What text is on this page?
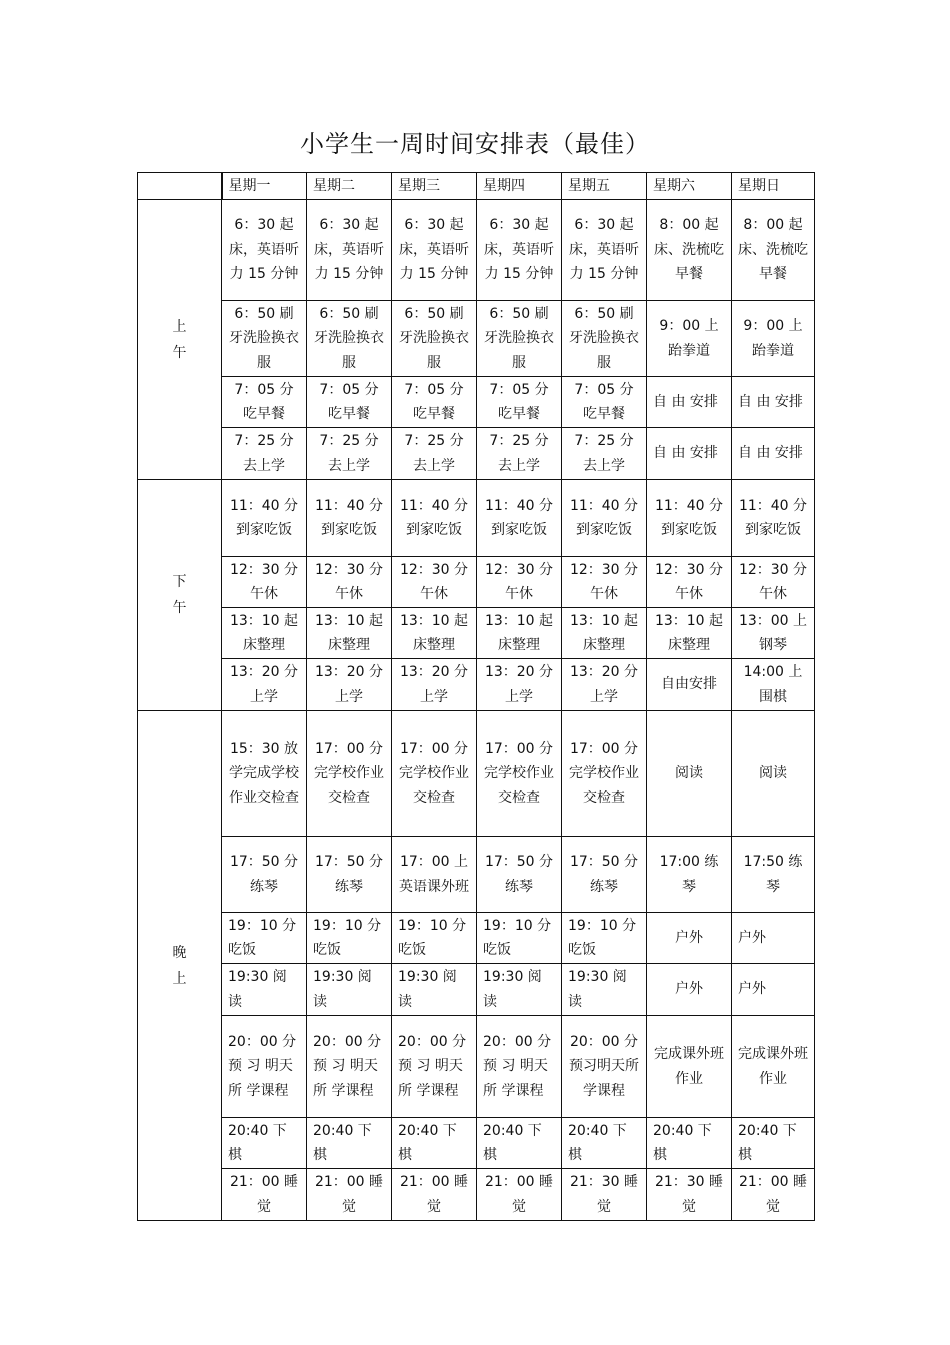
小学生一周时间安排表（最佳）
	星期一	星期二	星期三	星期四	星期五	星期六	星期日
上
午	6：30 起床，英语听力 15 分钟	6：30 起床，英语听力 15 分钟	6：30 起床，英语听力 15 分钟	6：30 起床，英语听力 15 分钟	6：30 起床，英语听力 15 分钟	8：00 起床、洗梳吃早餐	8：00 起床、洗梳吃早餐
	6：50 刷牙洗脸换衣服	6：50 刷牙洗脸换衣服	6：50 刷牙洗脸换衣服	6：50 刷牙洗脸换衣服	6：50 刷牙洗脸换衣服	9：00 上跆拳道	9：00 上跆拳道
	7：05 分吃早餐	7：05 分吃早餐	7：05 分吃早餐	7：05 分吃早餐	7：05 分吃早餐	自 由 安排	自 由 安排
	7：25 分去上学	7：25 分去上学	7：25 分去上学	7：25 分去上学	7：25 分去上学	自 由 安排	自 由 安排
下
午	11：40 分到家吃饭	11：40 分到家吃饭	11：40 分到家吃饭	11：40 分到家吃饭	11：40 分到家吃饭	11：40 分到家吃饭	11：40 分到家吃饭
	12：30 分午休	12：30 分午休	12：30 分午休	12：30 分午休	12：30 分午休	12：30 分午休	12：30 分午休
	13：10 起床整理	13：10 起床整理	13：10 起床整理	13：10 起床整理	13：10 起床整理	13：10 起床整理	13：00 上钢琴
	13：20 分上学	13：20 分上学	13：20 分上学	13：20 分上学	13：20 分上学	自由安排	14:00 上围棋
晚
上	15：30 放学完成学校作业交检查	17：00 分完学校作业交检查	17：00 分完学校作业交检查	17：00 分完学校作业交检查	17：00 分完学校作业交检查	阅读	阅读
	17：50 分练琴	17：50 分练琴	17：00 上英语课外班	17：50 分练琴	17：50 分练琴	17:00 练琴	17:50 练琴
	19：10 分吃饭	19：10 分吃饭	19：10 分吃饭	19：10 分吃饭	19：10 分吃饭	户外	户外
	19:30 阅读	19:30 阅读	19:30 阅读	19:30 阅读	19:30 阅读	户外	户外
	20：00 分预 习 明天 所 学课程	20：00 分预 习 明天 所 学课程	20：00 分预 习 明天 所 学课程	20：00 分预 习 明天 所 学课程	20：00 分预习明天所学课程	完成课外班作业	完成课外班作业
	20:40 下棋	20:40 下棋	20:40 下棋	20:40 下棋	20:40 下棋	20:40 下棋	20:40 下棋
	21：00 睡觉	21：00 睡觉	21：00 睡觉	21：00 睡觉	21：30 睡觉	21：30 睡觉	21：00 睡觉
